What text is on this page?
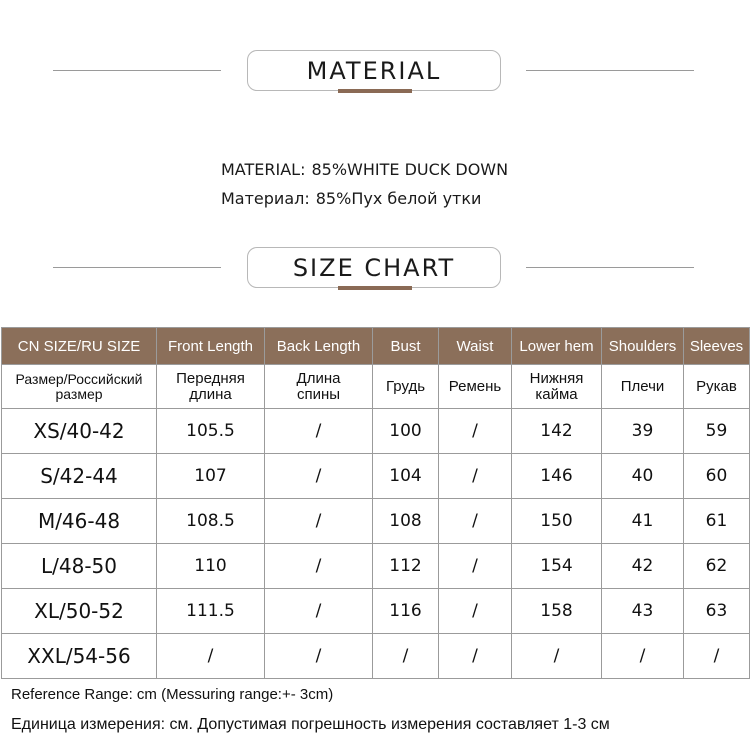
MATERIAL
MATERIAL: 85%WHITE DUCK DOWN
Материал: 85%Пух белой утки
SIZE CHART
CN SIZE/RU SIZE	Front Length	Back Length	Bust	Waist	Lower hem	Shoulders	Sleeves
Размер/Российский размер	Передняя длина	Длина спины	Грудь	Ремень	Нижняя кайма	Плечи	Рукав
XS/40-42	105.5	/	100	/	142	39	59
S/42-44	107	/	104	/	146	40	60
M/46-48	108.5	/	108	/	150	41	61
L/48-50	110	/	112	/	154	42	62
XL/50-52	111.5	/	116	/	158	43	63
XXL/54-56	/	/	/	/	/	/	/
Reference Range: cm (Messuring range:+- 3cm)
Единица измерения: см. Допустимая погрешность измерения составляет 1-3 см
